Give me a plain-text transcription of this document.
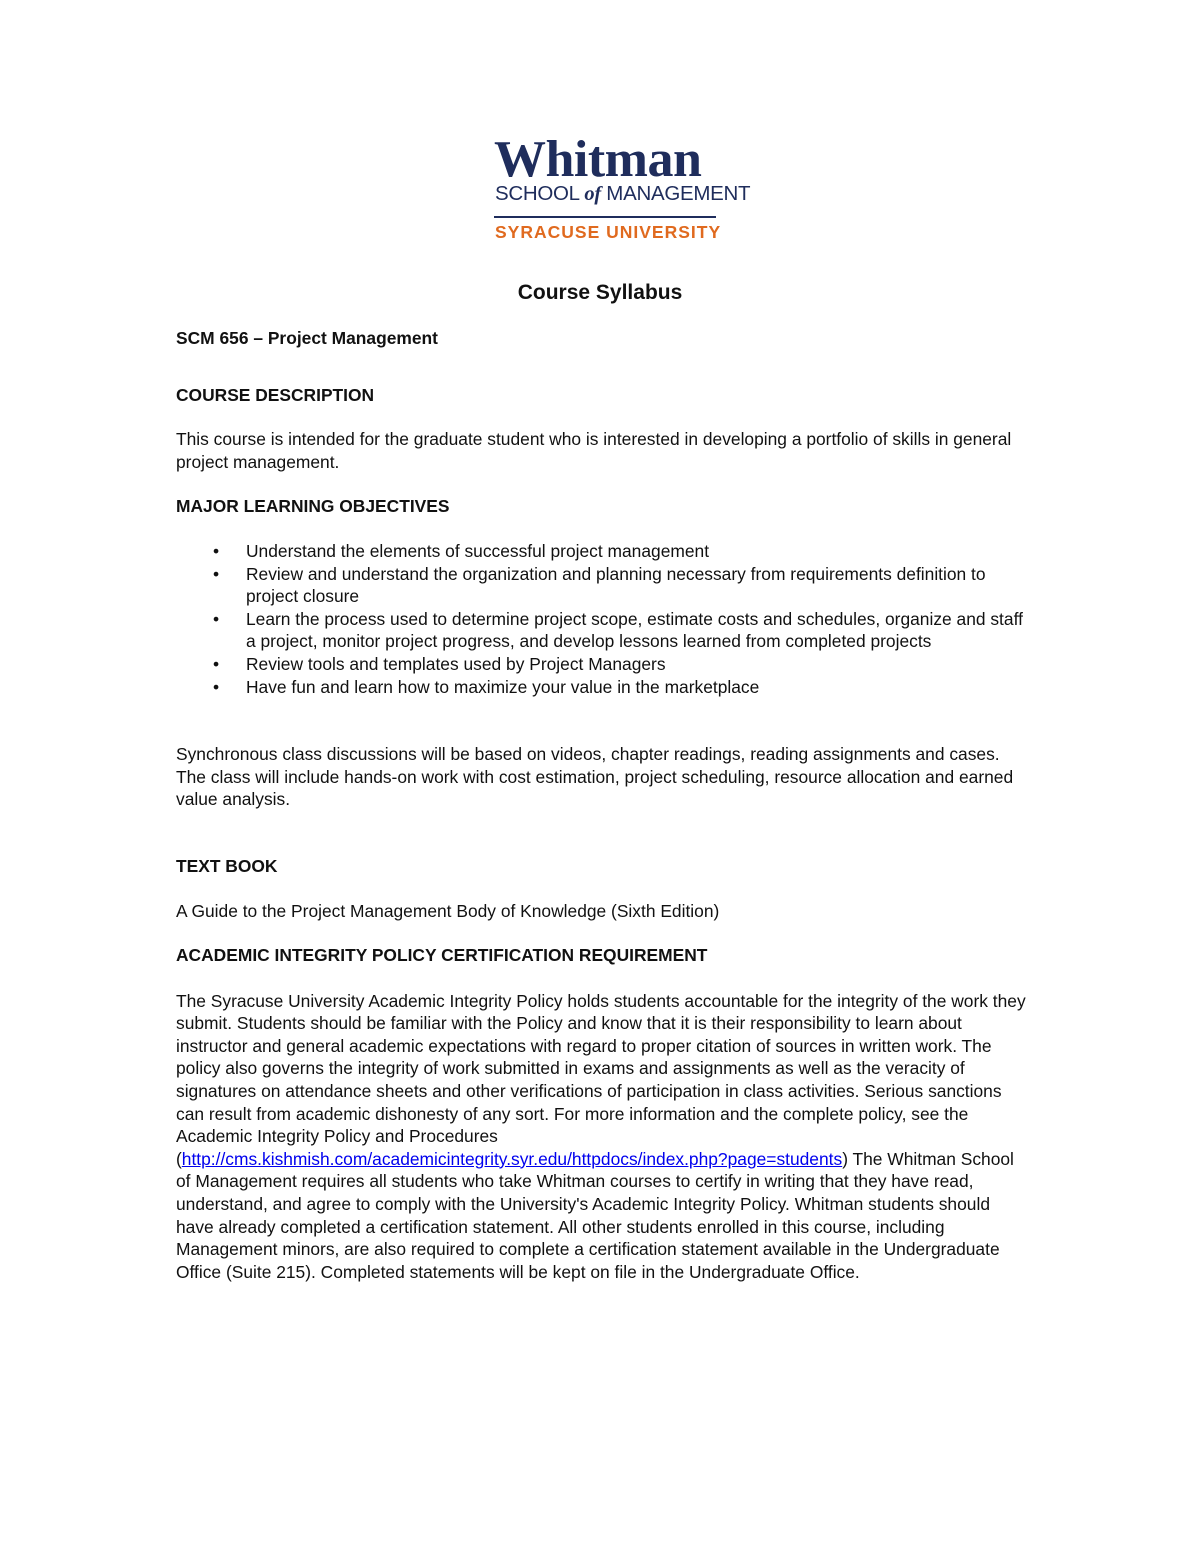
Whitman
SCHOOL of MANAGEMENT
SYRACUSE UNIVERSITY
Course Syllabus

SCM 656 – Project Management

COURSE DESCRIPTION

This course is intended for the graduate student who is interested in developing a portfolio of skills in general project management.

MAJOR LEARNING OBJECTIVES

• Understand the elements of successful project management
• Review and understand the organization and planning necessary from requirements definition to project closure
• Learn the process used to determine project scope, estimate costs and schedules, organize and staff a project, monitor project progress, and develop lessons learned from completed projects
• Review tools and templates used by Project Managers
• Have fun and learn how to maximize your value in the marketplace

Synchronous class discussions will be based on videos, chapter readings, reading assignments and cases. The class will include hands-on work with cost estimation, project scheduling, resource allocation and earned value analysis.

TEXT BOOK

A Guide to the Project Management Body of Knowledge (Sixth Edition)

ACADEMIC INTEGRITY POLICY CERTIFICATION REQUIREMENT

The Syracuse University Academic Integrity Policy holds students accountable for the integrity of the work they submit. Students should be familiar with the Policy and know that it is their responsibility to learn about instructor and general academic expectations with regard to proper citation of sources in written work. The policy also governs the integrity of work submitted in exams and assignments as well as the veracity of signatures on attendance sheets and other verifications of participation in class activities. Serious sanctions can result from academic dishonesty of any sort. For more information and the complete policy, see the Academic Integrity Policy and Procedures
(http://cms.kishmish.com/academicintegrity.syr.edu/httpdocs/index.php?page=students) The Whitman School of Management requires all students who take Whitman courses to certify in writing that they have read, understand, and agree to comply with the University's Academic Integrity Policy. Whitman students should have already completed a certification statement. All other students enrolled in this course, including Management minors, are also required to complete a certification statement available in the Undergraduate Office (Suite 215). Completed statements will be kept on file in the Undergraduate Office.
